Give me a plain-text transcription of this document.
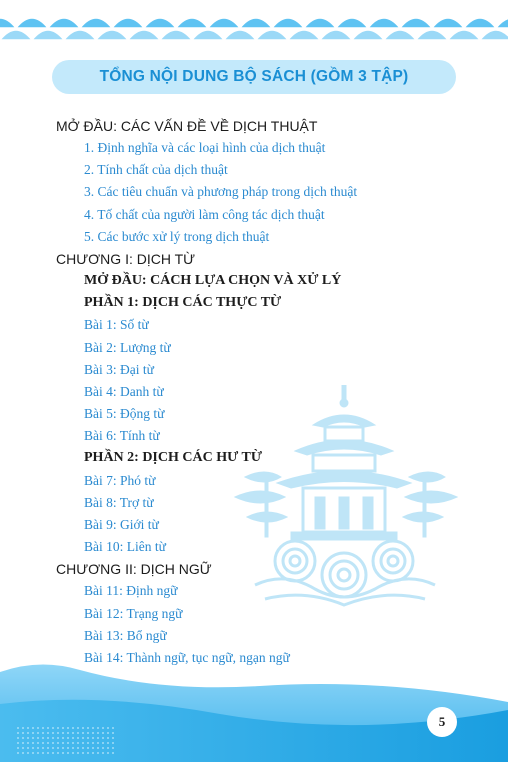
TỔNG NỘI DUNG BỘ SÁCH (GỒM 3 TẬP)
MỞ ĐẦU: CÁC VẤN ĐỀ VỀ DỊCH THUẬT
1. Định nghĩa và các loại hình của dịch thuật
2. Tính chất của dịch thuật
3. Các tiêu chuẩn và phương pháp trong dịch thuật
4. Tố chất của người làm công tác dịch thuật
5. Các bước xử lý trong dịch thuật
CHƯƠNG I: DỊCH TỪ
MỞ ĐẦU: CÁCH LỰA CHỌN VÀ XỬ LÝ
PHẦN 1: DỊCH CÁC THỰC TỪ
Bài 1: Số từ
Bài 2: Lượng từ
Bài 3: Đại từ
Bài 4: Danh từ
Bài 5: Động từ
Bài 6: Tính từ
PHẦN 2: DỊCH CÁC HƯ TỪ
Bài 7: Phó từ
Bài 8: Trợ từ
Bài 9: Giới từ
Bài 10: Liên từ
CHƯƠNG II: DỊCH NGỮ
Bài 11: Định ngữ
Bài 12: Trạng ngữ
Bài 13: Bổ ngữ
Bài 14: Thành ngữ, tục ngữ, ngạn ngữ
5
